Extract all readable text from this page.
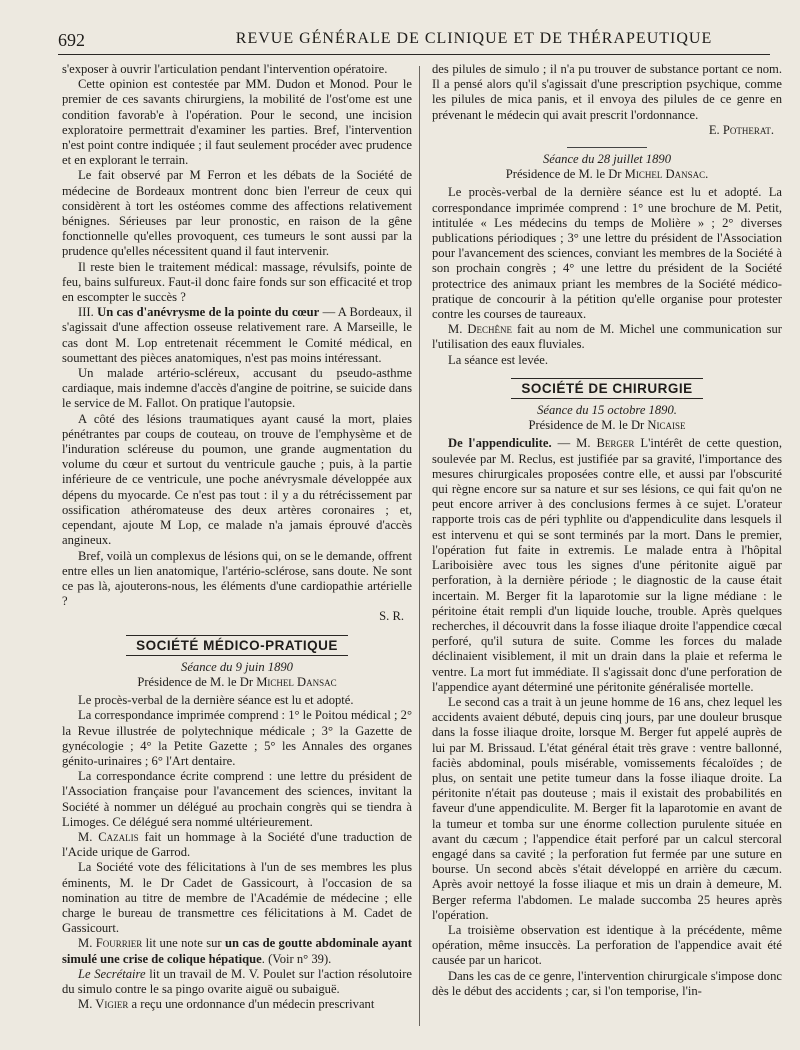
692	REVUE GÉNÉRALE DE CLINIQUE ET DE THÉRAPEUTIQUE

s'exposer à ouvrir l'articulation pendant l'intervention opératoire.

Cette opinion est contestée par MM. Dudon et Monod. Pour le premier de ces savants chirurgiens, la mobilité de l'ost'ome est une condition favorab'e à l'opération. Pour le second, une incision exploratoire permettrait d'examiner les parties. Bref, l'intervention n'est point contre indiquée ; il faut seulement procéder avec prudence et en explorant le terrain.

Le fait observé par M Ferron et les débats de la Société de médecine de Bordeaux montrent donc bien l'erreur de ceux qui considèrent à tort les ostéomes comme des affections relativement bénignes. Sérieuses par leur pronostic, en raison de la gêne fonctionnelle qu'elles provoquent, ces tumeurs le sont aussi par la prudence qu'elles nécessitent quand il faut intervenir.

Il reste bien le traitement médical: massage, révulsifs, pointe de feu, bains sulfureux. Faut-il donc faire fonds sur son efficacité et trop en escompter le succès ?

III. Un cas d'anévrysme de la pointe du cœur — A Bordeaux, il s'agissait d'une affection osseuse relativement rare. A Marseille, le cas dont M. Lop entretenait récemment le Comité médical, en soumettant des pièces anatomiques, n'est pas moins intéressant.

Un malade artério-scléreux, accusant du pseudo-asthme cardiaque, mais indemne d'accès d'angine de poitrine, se suicide dans le service de M. Fallot. On pratique l'autopsie.

A côté des lésions traumatiques ayant causé la mort, plaies pénétrantes par coups de couteau, on trouve de l'emphysème et de l'induration scléreuse du poumon, une grande augmentation du volume du cœur et surtout du ventricule gauche ; puis, à la partie inférieure de ce ventricule, une poche anévrysmale développée aux dépens du myocarde. Ce n'est pas tout : il y a du rétrécissement par ossification athéromateuse des deux artères coronaires ; et, cependant, ajoute M Lop, ce malade n'a jamais éprouvé d'accès angineux.

Bref, voilà un complexus de lésions qui, on se le demande, offrent entre elles un lien anatomique, l'artério-sclérose, sans doute. Ne sont ce pas là, ajouterons-nous, les éléments d'une cardiopathie artérielle ?

S. R.

SOCIÉTÉ MÉDICO-PRATIQUE
Séance du 9 juin 1890
Présidence de M. le Dr Michel Dansac

Le procès-verbal de la dernière séance est lu et adopté.

La correspondance imprimée comprend : 1° le Poitou médical ; 2° la Revue illustrée de polytechnique médicale ; 3° la Gazette de gynécologie ; 4° la Petite Gazette ; 5° les Annales des organes génito-urinaires ; 6° l'Art dentaire.

La correspondance écrite comprend : une lettre du président de l'Association française pour l'avancement des sciences, invitant la Société à nommer un délégué au prochain congrès qui se tiendra à Limoges. Ce délégué sera nommé ultérieurement.

M. Cazalis fait un hommage à la Société d'une traduction de l'Acide urique de Garrod.

La Société vote des félicitations à l'un de ses membres les plus éminents, M. le Dr Cadet de Gassicourt, à l'occasion de sa nomination au titre de membre de l'Académie de médecine ; elle charge le bureau de transmettre ces félicitations à M. Cadet de Gassicourt.

M. Fourrier lit une note sur un cas de goutte abdominale ayant simulé une crise de colique hépatique. (Voir n° 39).

Le Secrétaire lit un travail de M. V. Poulet sur l'action résolutoire du simulo contre le sa pingo ovarite aiguë ou subaiguë.

M. Vigier a reçu une ordonnance d'un médecin prescrivant

des pilules de simulo ; il n'a pu trouver de substance portant ce nom. Il a pensé alors qu'il s'agissait d'une prescription psychique, comme les pilules de mica panis, et il envoya des pilules de ce genre en prévenant le médecin qui avait prescrit l'ordonnance.

E. Potherat.

Séance du 28 juillet 1890
Présidence de M. le Dr Michel Dansac.

Le procès-verbal de la dernière séance est lu et adopté. La correspondance imprimée comprend : 1° une brochure de M. Petit, intitulée « Les médecins du temps de Molière » ; 2° diverses publications périodiques ; 3° une lettre du président de l'Association pour l'avancement des sciences, conviant les membres de la Société à son prochain congrès ; 4° une lettre du président de la Société protectrice des animaux priant les membres de la Société médico-pratique de concourir à la pétition qu'elle organise pour protester contre les courses de taureaux.

M. Dechêne fait au nom de M. Michel une communication sur l'utilisation des eaux fluviales.

La séance est levée.

SOCIÉTÉ DE CHIRURGIE
Séance du 15 octobre 1890.
Présidence de M. le Dr Nicaise

De l'appendiculite. — M. Berger L'intérêt de cette question, soulevée par M. Reclus, est justifiée par sa gravité, l'importance des mesures chirurgicales proposées contre elle, et aussi par l'obscurité qui règne encore sur sa nature et sur ses lésions, ce qui fait qu'on ne peut encore arriver à des conclusions fermes à ce sujet. L'orateur rapporte trois cas de péri typhlite ou d'appendiculite dans lesquels il est intervenu et qui se sont terminés par la mort. Dans le premier, l'opération fut faite in extremis. Le malade entra à l'hôpital Lariboisière avec tous les signes d'une péritonite aiguë par perforation, à la dernière période ; le diagnostic de la cause était incertain. M. Berger fit la laparotomie sur la ligne médiane : le péritoine était rempli d'un liquide louche, trouble. Après quelques recherches, il découvrit dans la fosse iliaque droite l'appendice cœcal perforé, qu'il sutura de suite. Comme les forces du malade déclinaient visiblement, il mit un drain dans la plaie et referma le ventre. La mort fut immédiate. Il s'agissait donc d'une perforation de l'appendice ayant déterminé une péritonite généralisée mortelle.

Le second cas a trait à un jeune homme de 16 ans, chez lequel les accidents avaient débuté, depuis cinq jours, par une douleur brusque dans la fosse iliaque droite, lorsque M. Berger fut appelé auprès de lui par M. Brissaud. L'état général était très grave : ventre ballonné, faciès abdominal, pouls misérable, vomissements fécaloïdes ; de plus, on sentait une petite tumeur dans la fosse iliaque droite. La péritonite n'était pas douteuse ; mais il existait des probabilités en faveur d'une appendiculite. M. Berger fit la laparotomie en avant de la tumeur et tomba sur une énorme collection purulente située en avant du cæcum ; l'appendice était perforé par un calcul stercoral engagé dans sa cavité ; la perforation fut fermée par une suture en bourse. Un second abcès s'était développé en arrière du cæcum. Après avoir nettoyé la fosse iliaque et mis un drain à demeure, M. Berger referma l'abdomen. Le malade succomba 25 heures après l'opération.

La troisième observation est identique à la précédente, même opération, même insuccès. La perforation de l'appendice avait été causée par un haricot.

Dans les cas de ce genre, l'intervention chirurgicale s'impose donc dès le début des accidents ; car, si l'on temporise, l'in-
